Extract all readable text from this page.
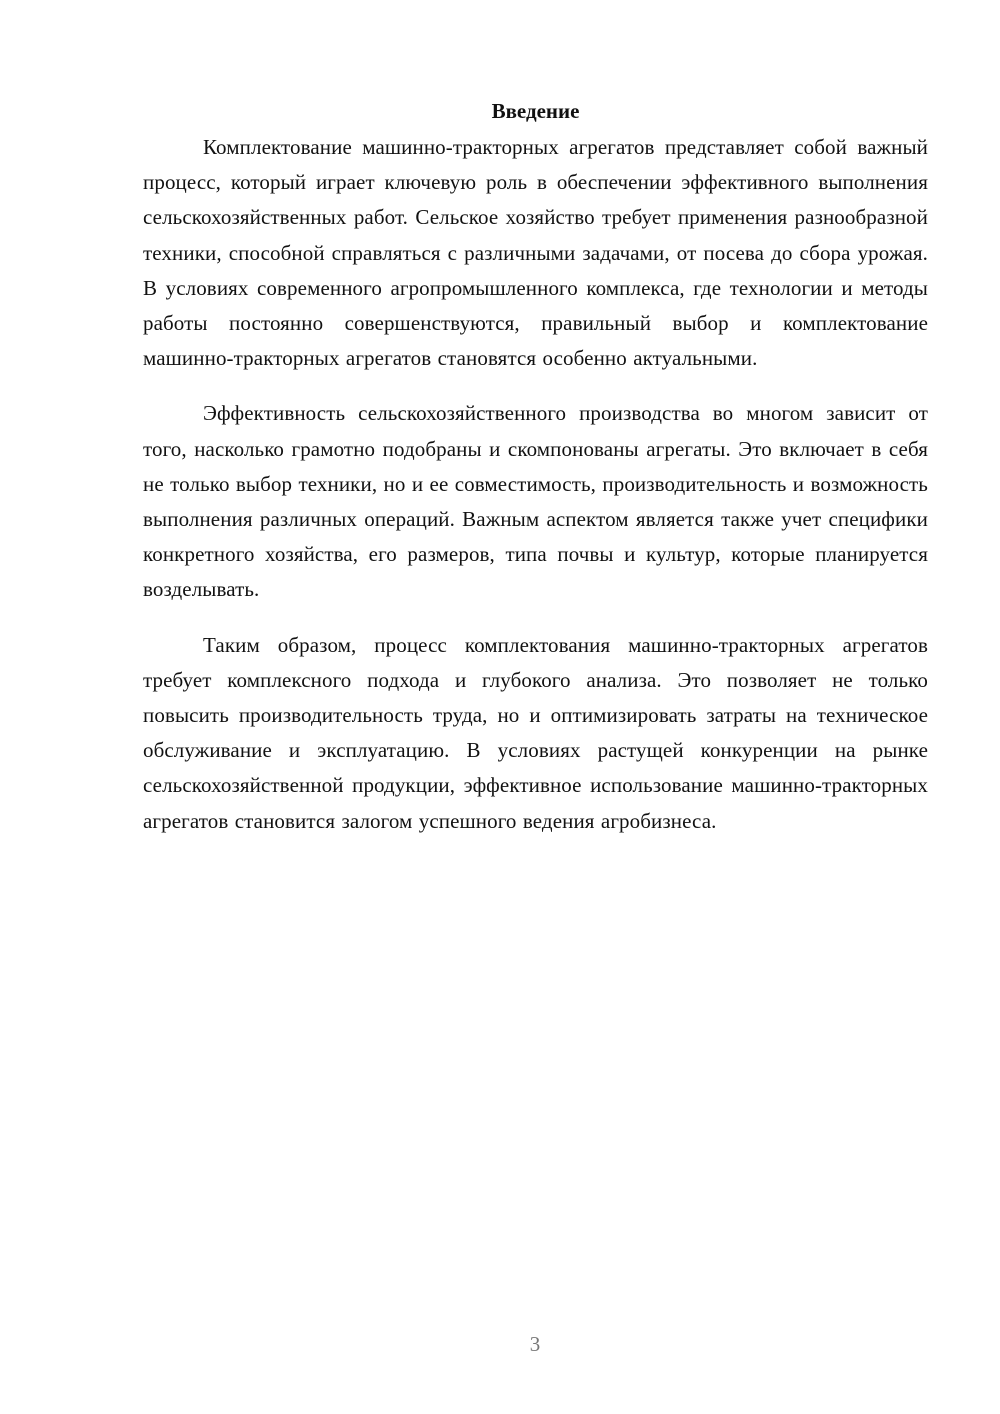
Введение

Комплектование машинно-тракторных агрегатов представляет собой важный процесс, который играет ключевую роль в обеспечении эффективного выполнения сельскохозяйственных работ. Сельское хозяйство требует применения разнообразной техники, способной справляться с различными задачами, от посева до сбора урожая. В условиях современного агропромышленного комплекса, где технологии и методы работы постоянно совершенствуются, правильный выбор и комплектование машинно-тракторных агрегатов становятся особенно актуальными.

Эффективность сельскохозяйственного производства во многом зависит от того, насколько грамотно подобраны и скомпонованы агрегаты. Это включает в себя не только выбор техники, но и ее совместимость, производительность и возможность выполнения различных операций. Важным аспектом является также учет специфики конкретного хозяйства, его размеров, типа почвы и культур, которые планируется возделывать.

Таким образом, процесс комплектования машинно-тракторных агрегатов требует комплексного подхода и глубокого анализа. Это позволяет не только повысить производительность труда, но и оптимизировать затраты на техническое обслуживание и эксплуатацию. В условиях растущей конкуренции на рынке сельскохозяйственной продукции, эффективное использование машинно-тракторных агрегатов становится залогом успешного ведения агробизнеса.

3
